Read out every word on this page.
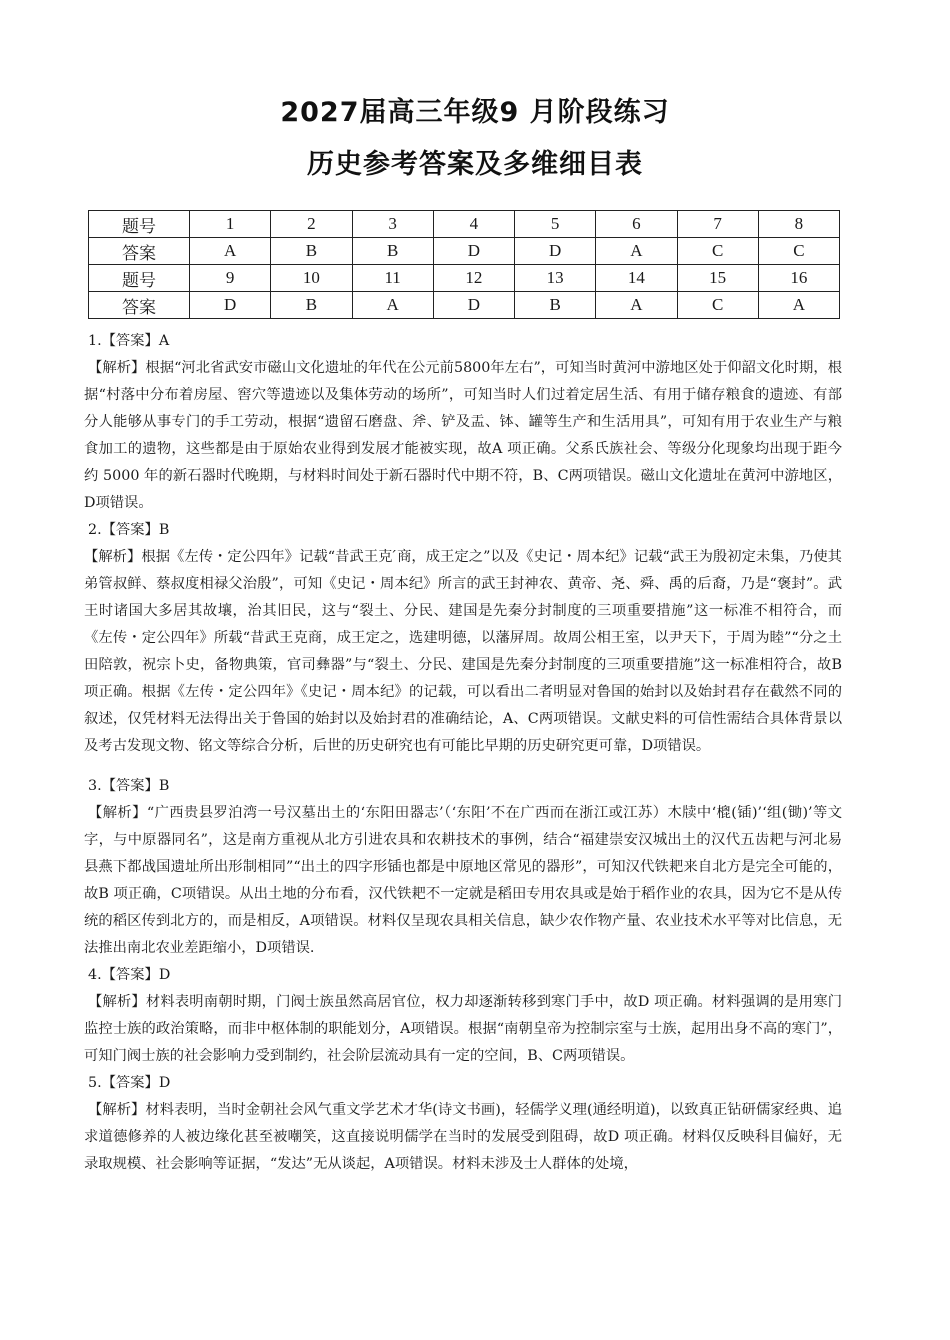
2027届高三年级9 月阶段练习
历史参考答案及多维细目表
题号	1	2	3	4	5	6	7	8
答案	A	B	B	D	D	A	C	C
题号	9	10	11	12	13	14	15	16
答案	D	B	A	D	B	A	C	A

1.【答案】A

【解析】根据“河北省武安市磁山文化遗址的年代在公元前5800年左右”，可知当时黄河中游地区处于仰韶文化时期，根据“村落中分布着房屋、窖穴等遗迹以及集体劳动的场所”，可知当时人们过着定居生活、有用于储存粮食的遗迹、有部分人能够从事专门的手工劳动，根据“遗留石磨盘、斧、铲及盂、钵、罐等生产和生活用具”，可知有用于农业生产与粮食加工的遗物，这些都是由于原始农业得到发展才能被实现，故A 项正确。父系氏族社会、等级分化现象均出现于距今约 5000 年的新石器时代晚期，与材料时间处于新石器时代中期不符，B、C两项错误。磁山文化遗址在黄河中游地区，D项错误。

2.【答案】B

【解析】根据《左传・定公四年》记载“昔武王克 ́商，成王定之”以及《史记・周本纪》记载“武王为殷初定未集，乃使其弟管叔鲜、蔡叔度相禄父治殷”，可知《史记・周本纪》所言的武王封神农、黄帝、尧、舜、禹的后裔，乃是“褒封”。武王时诸国大多居其故壤，治其旧民，这与“裂土、分民、建国是先秦分封制度的三项重要措施”这一标准不相符合，而《左传・定公四年》所载“昔武王克商，成王定之，选建明德，以藩屏周。故周公相王室，以尹天下，于周为睦”“分之土田陪敦，祝宗卜史，备物典策，官司彝器”与“裂土、分民、建国是先秦分封制度的三项重要措施”这一标准相符合，故B项正确。根据《左传・定公四年》《史记・周本纪》的记载，可以看出二者明显对鲁国的始封以及始封君存在截然不同的叙述，仅凭材料无法得出关于鲁国的始封以及始封君的准确结论，A、C两项错误。文献史料的可信性需结合具体背景以及考古发现文物、铭文等综合分析，后世的历史研究也有可能比早期的历史研究更可靠，D项错误。

3.【答案】B

【解析】“广西贵县罗泊湾一号汉墓出土的‘东阳田器志’（‘东阳’不在广西而在浙江或江苏）木牍中‘㮰(锸)’‘组(锄)’等文字，与中原器同名”，这是南方重视从北方引进农具和农耕技术的事例，结合“福建崇安汉城出土的汉代五齿耙与河北易县燕下都战国遗址所出形制相同”“出土的四字形锸也都是中原地区常见的器形”，可知汉代铁耙来自北方是完全可能的，故B 项正确，C项错误。从出土地的分布看，汉代铁耙不一定就是稻田专用农具或是始于稻作业的农具，因为它不是从传统的稻区传到北方的，而是相反，A项错误。材料仅呈现农具相关信息，缺少农作物产量、农业技术水平等对比信息，无法推出南北农业差距缩小，D项错误.

4.【答案】D

【解析】材料表明南朝时期，门阀士族虽然高居官位，权力却逐渐转移到寒门手中，故D 项正确。材料强调的是用寒门监控士族的政治策略，而非中枢体制的职能划分，A项错误。根据“南朝皇帝为控制宗室与士族，起用出身不高的寒门”，可知门阀士族的社会影响力受到制约，社会阶层流动具有一定的空间，B、C两项错误。

5.【答案】D

【解析】材料表明，当时金朝社会风气重文学艺术才华(诗文书画)，轻儒学义理(通经明道)，以致真正钻研儒家经典、追求道德修养的人被边缘化甚至被嘲笑，这直接说明儒学在当时的发展受到阻碍，故D 项正确。材料仅反映科目偏好，无录取规模、社会影响等证据，“发达”无从谈起，A项错误。材料未涉及士人群体的处境，
